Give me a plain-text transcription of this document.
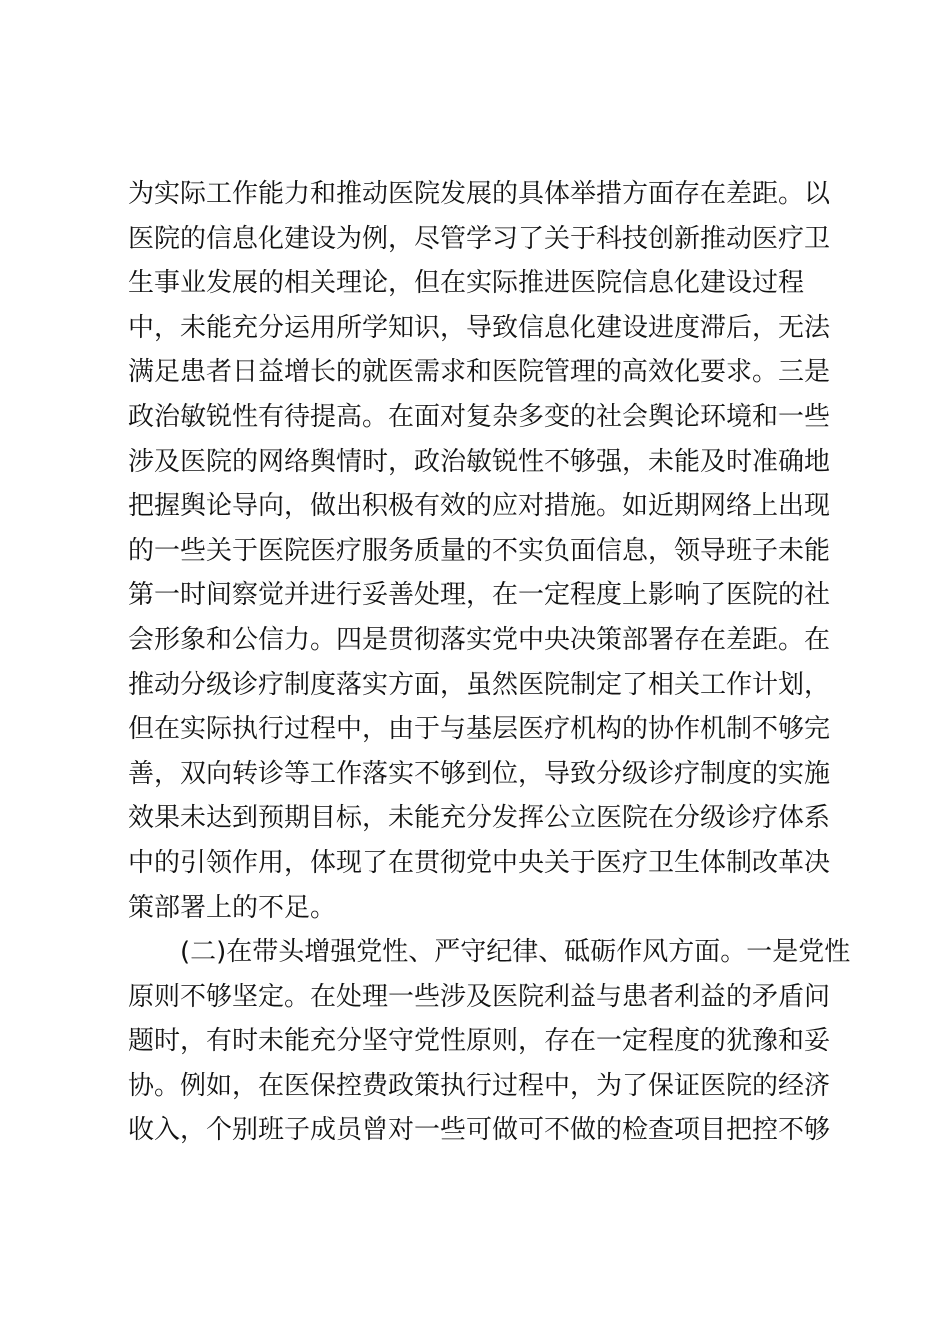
为实际工作能力和推动医院发展的具体举措方面存在差距。以
医院的信息化建设为例，尽管学习了关于科技创新推动医疗卫
生事业发展的相关理论，但在实际推进医院信息化建设过程
中，未能充分运用所学知识，导致信息化建设进度滞后，无法
满足患者日益增长的就医需求和医院管理的高效化要求。三是
政治敏锐性有待提高。在面对复杂多变的社会舆论环境和一些
涉及医院的网络舆情时，政治敏锐性不够强，未能及时准确地
把握舆论导向，做出积极有效的应对措施。如近期网络上出现
的一些关于医院医疗服务质量的不实负面信息，领导班子未能
第一时间察觉并进行妥善处理，在一定程度上影响了医院的社
会形象和公信力。四是贯彻落实党中央决策部署存在差距。在
推动分级诊疗制度落实方面，虽然医院制定了相关工作计划，
但在实际执行过程中，由于与基层医疗机构的协作机制不够完
善，双向转诊等工作落实不够到位，导致分级诊疗制度的实施
效果未达到预期目标，未能充分发挥公立医院在分级诊疗体系
中的引领作用，体现了在贯彻党中央关于医疗卫生体制改革决
策部署上的不足。
(二)在带头增强党性、严守纪律、砥砺作风方面。一是党性
原则不够坚定。在处理一些涉及医院利益与患者利益的矛盾问
题时，有时未能充分坚守党性原则，存在一定程度的犹豫和妥
协。例如，在医保控费政策执行过程中，为了保证医院的经济
收入，个别班子成员曾对一些可做可不做的检查项目把控不够
